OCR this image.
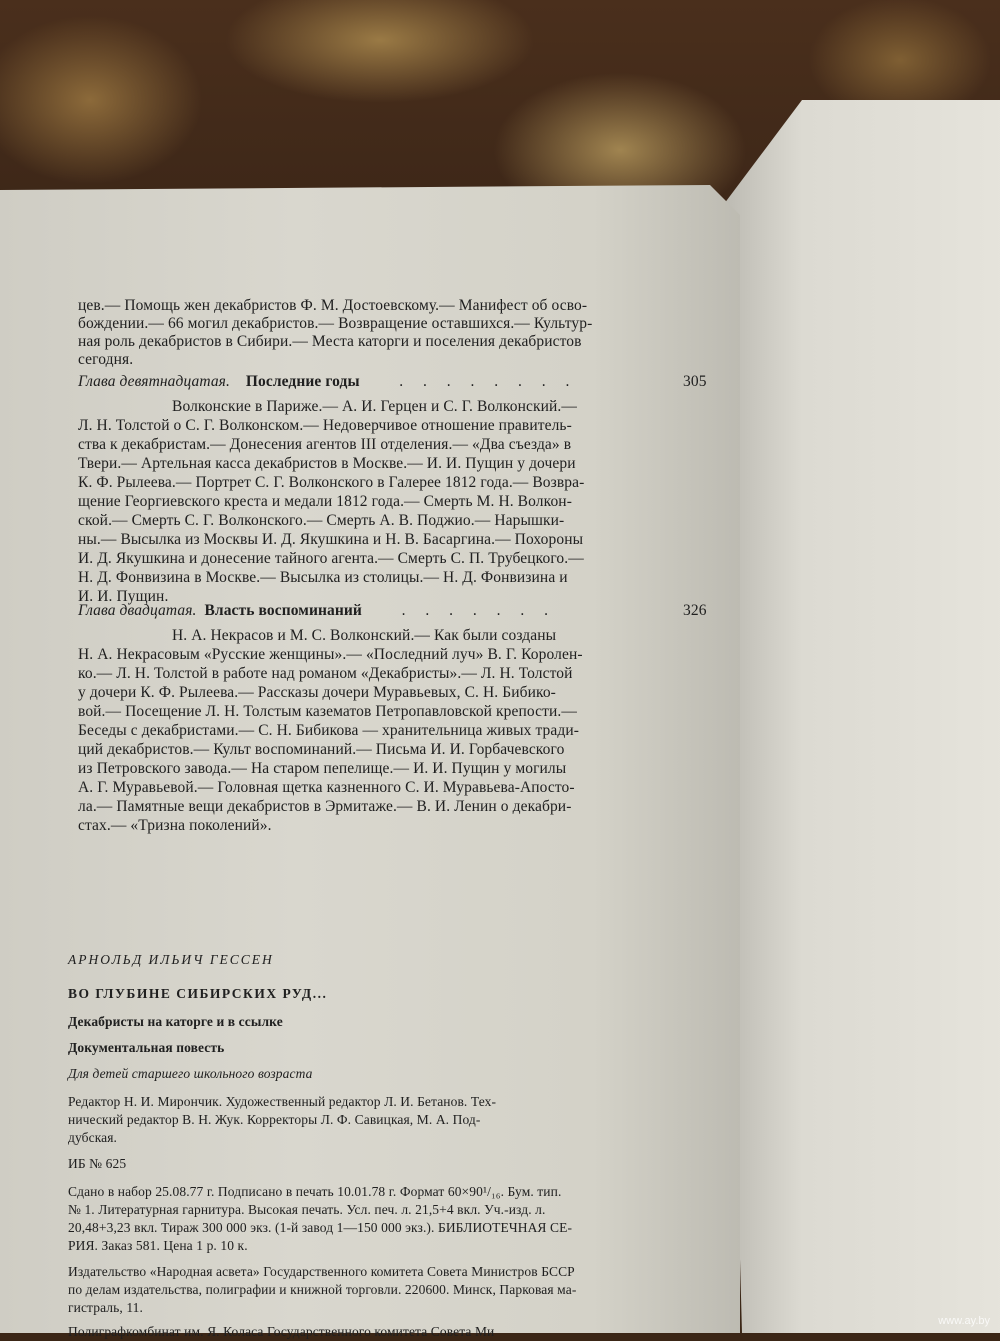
цев.— Помощь жен декабристов Ф. М. Достоевскому.— Манифест об осво-
бождении.— 66 могил декабристов.— Возвращение оставшихся.— Культур-
ная роль декабристов в Сибири.— Места каторги и поселения декабристов
сегодня.
Глава девятнадцатая. Последние годы    . . . . . . . .	305
Волконские в Париже.— А. И. Герцен и С. Г. Волконский.—
Л. Н. Толстой о С. Г. Волконском.— Недоверчивое отношение правитель-
ства к декабристам.— Донесения агентов III отделения.— «Два съезда» в
Твери.— Артельная касса декабристов в Москве.— И. И. Пущин у дочери
К. Ф. Рылеева.— Портрет С. Г. Волконского в Галерее 1812 года.— Возвра-
щение Георгиевского креста и медали 1812 года.— Смерть М. Н. Волкон-
ской.— Смерть С. Г. Волконского.— Смерть А. В. Поджио.— Нарышки-
ны.— Высылка из Москвы И. Д. Якушкина и Н. В. Басаргина.— Похороны
И. Д. Якушкина и донесение тайного агента.— Смерть С. П. Трубецкого.—
Н. Д. Фонвизина в Москве.— Высылка из столицы.— Н. Д. Фонвизина и
И. И. Пущин.
Глава двадцатая. Власть воспоминаний    . . . . . . .	326
Н. А. Некрасов и М. С. Волконский.— Как были созданы
Н. А. Некрасовым «Русские женщины».— «Последний луч» В. Г. Королен-
ко.— Л. Н. Толстой в работе над романом «Декабристы».— Л. Н. Толстой
у дочери К. Ф. Рылеева.— Рассказы дочери Муравьевых, С. Н. Бибико-
вой.— Посещение Л. Н. Толстым казематов Петропавловской крепости.—
Беседы с декабристами.— С. Н. Бибикова — хранительница живых тради-
ций декабристов.— Культ воспоминаний.— Письма И. И. Горбачевского
из Петровского завода.— На старом пепелище.— И. И. Пущин у могилы
А. Г. Муравьевой.— Головная щетка казненного С. И. Муравьева-Апосто-
ла.— Памятные вещи декабристов в Эрмитаже.— В. И. Ленин о декабри-
стах.— «Тризна поколений».
АРНОЛЬД ИЛЬИЧ ГЕССЕН
ВО ГЛУБИНЕ СИБИРСКИХ РУД...
Декабристы на каторге и в ссылке
Документальная повесть
Для детей старшего школьного возраста
Редактор Н. И. Мирончик. Художественный редактор Л. И. Бетанов. Тех-
нический редактор В. Н. Жук. Корректоры Л. Ф. Савицкая, М. А. Под-
дубская.
ИБ № 625
Сдано в набор 25.08.77 г. Подписано в печать 10.01.78 г. Формат 60×90¹/₁₆. Бум. тип.
№ 1. Литературная гарнитура. Высокая печать. Усл. печ. л. 21,5+4 вкл. Уч.-изд. л.
20,48+3,23 вкл. Тираж 300 000 экз. (1-й завод 1—150 000 экз.). БИБЛИОТЕЧНАЯ СЕ-
РИЯ. Заказ 581. Цена 1 р. 10 к.
Издательство «Народная асвета» Государственного комитета Совета Министров БССР
по делам издательства, полиграфии и книжной торговли. 220600. Минск, Парковая ма-
гистраль, 11.
Полиграфкомбинат им. Я. Коласа Государственного комитета Совета Ми
www.ay.by
